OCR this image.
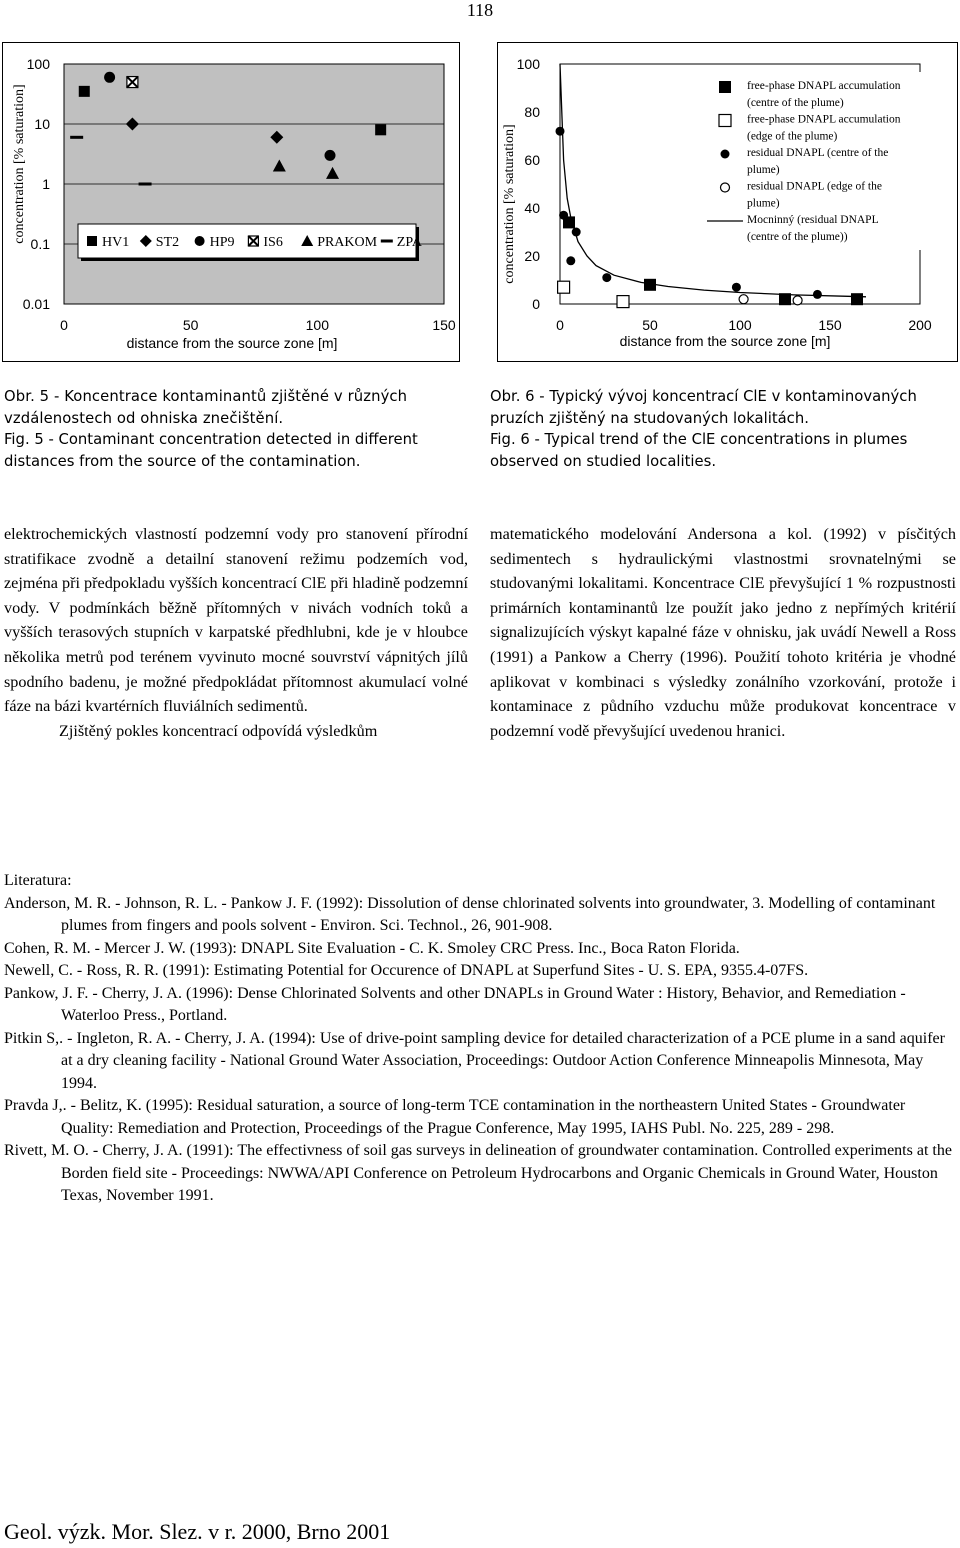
118
100
10
1
0.1
0.01
0	50	100	150
distance from the source zone [m]
concentration [% saturation]	HV1 ST2 HP9 IS6 PRAKOM ZPA
100
80
60
40
20
0
0	50	100	150	200
distance from the source zone [m]
concentration [% saturation]
free-phase DNAPL accumulation
(centre of the plume)
free-phase DNAPL accumulation
(edge of the plume)
residual DNAPL (centre of the
plume)
residual DNAPL (edge of the
plume)
Mocninný (residual DNAPL
(centre of the plume))
Obr. 5 - Koncentrace kontaminantů zjištěné v různých vzdálenostech od ohniska znečištění.
Fig. 5 - Contaminant concentration detected in different distances from the source of the contamination.
Obr. 6 - Typický vývoj koncentrací ClE v kontaminovaných pruzích zjištěný na studovaných lokalitách.
Fig. 6 - Typical trend of the ClE concentrations in plumes observed on studied localities.

elektrochemických vlastností podzemní vody pro stanovení přírodní stratifikace zvodně a detailní stanovení režimu podzemích vod, zejména při předpokladu vyšších koncentrací ClE při hladině podzemní vody. V podmínkách běžně přítomných v nivách vodních toků a vyšších terasových stupních v karpatské předhlubni, kde je v hloubce několika metrů pod terénem vyvinuto mocné souvrství vápnitých jílů spodního badenu, je možné předpokládat přítomnost akumulací volné fáze na bázi kvartérních fluviálních sedimentů.

Zjištěný pokles koncentrací odpovídá výsledkům

matematického modelování Andersona a kol. (1992) v písčitých sedimentech s hydraulickými vlastnostmi srovnatelnými se studovanými lokalitami. Koncentrace ClE převyšující 1 % rozpustnosti primárních kontaminantů lze použít jako jedno z nepřímých kritérií signalizujících výskyt kapalné fáze v ohnisku, jak uvádí Newell a Ross (1991) a Pankow a Cherry (1996). Použití tohoto kritéria je vhodné aplikovat v kombinaci s výsledky zonálního vzorkování, protože i kontaminace z půdního vzduchu může produkovat koncentrace v podzemní vodě převyšující uvedenou hranici.

Literatura:

Anderson, M. R. - Johnson, R. L. - Pankow J. F. (1992): Dissolution of dense chlorinated solvents into groundwater, 3. Modelling of contaminant plumes from fingers and pools solvent - Environ. Sci. Technol., 26, 901-908.

Cohen, R. M. - Mercer J. W. (1993): DNAPL Site Evaluation - C. K. Smoley CRC Press. Inc., Boca Raton Florida.

Newell, C. - Ross, R. R. (1991): Estimating Potential for Occurence of DNAPL at Superfund Sites - U. S. EPA, 9355.4-07FS.

Pankow, J. F. - Cherry, J. A. (1996): Dense Chlorinated Solvents and other DNAPLs in Ground Water : History, Behavior, and Remediation - Waterloo Press., Portland.

Pitkin S,. - Ingleton, R. A. - Cherry, J. A. (1994): Use of drive-point sampling device for detailed characterization of a PCE plume in a sand aquifer at a dry cleaning facility - National Ground Water Association, Proceedings: Outdoor Action Conference Minneapolis Minnesota, May 1994.

Pravda J,. - Belitz, K. (1995): Residual saturation, a source of long-term TCE contamination in the northeastern United States - Groundwater Quality: Remediation and Protection, Proceedings of the Prague Conference, May 1995, IAHS Publ. No. 225, 289 - 298.

Rivett, M. O. - Cherry, J. A. (1991): The effectivness of soil gas surveys in delineation of groundwater contamination. Controlled experiments at the Borden field site - Proceedings: NWWA/API Conference on Petroleum Hydrocarbons and Organic Chemicals in Ground Water, Houston Texas, November 1991.

Geol. výzk. Mor. Slez. v r. 2000, Brno 2001
